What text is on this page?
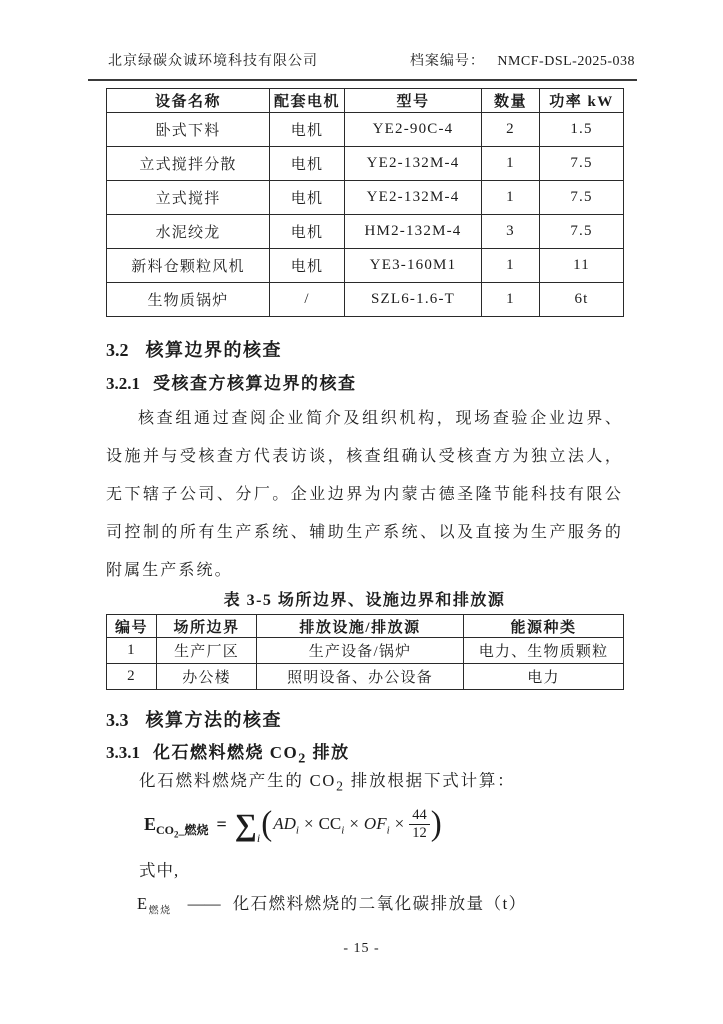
北京绿碳众诚环境科技有限公司	档案编号： NMCF-DSL-2025-038
设备名称	配套电机	型号	数量	功率 kW
卧式下料	电机	YE2-90C-4	2	1.5
立式搅拌分散	电机	YE2-132M-4	1	7.5
立式搅拌	电机	YE2-132M-4	1	7.5
水泥绞龙	电机	HM2-132M-4	3	7.5
新料仓颗粒风机	电机	YE3-160M1	1	11
生物质锅炉	/	SZL6-1.6-T	1	6t
3.2 核算边界的核查
3.2.1 受核查方核算边界的核查

核查组通过查阅企业简介及组织机构，现场查验企业边界、设施并与受核查方代表访谈，核查组确认受核查方为独立法人，无下辖子公司、分厂。企业边界为内蒙古德圣隆节能科技有限公司控制的所有生产系统、辅助生产系统、以及直接为生产服务的附属生产系统。

表 3-5 场所边界、设施边界和排放源
编号	场所边界	排放设施/排放源	能源种类
1	生产厂区	生产设备/锅炉	电力、生物质颗粒
2	办公楼	照明设备、办公设备	电力
3.3 核算方法的核查
3.3.1 化石燃料燃烧 $CO_2$ 排放
化石燃料燃烧产生的 $CO_2$ 排放根据下式计算：
$E_{CO_2\_燃烧} = \sum_i$ ( $AD_i \times CC_i \times OF_i \times \frac{44}{12}$ )
式中,
$E_{燃烧}$ —— 化石燃料燃烧的二氧化碳排放量（t）
- 15 -
